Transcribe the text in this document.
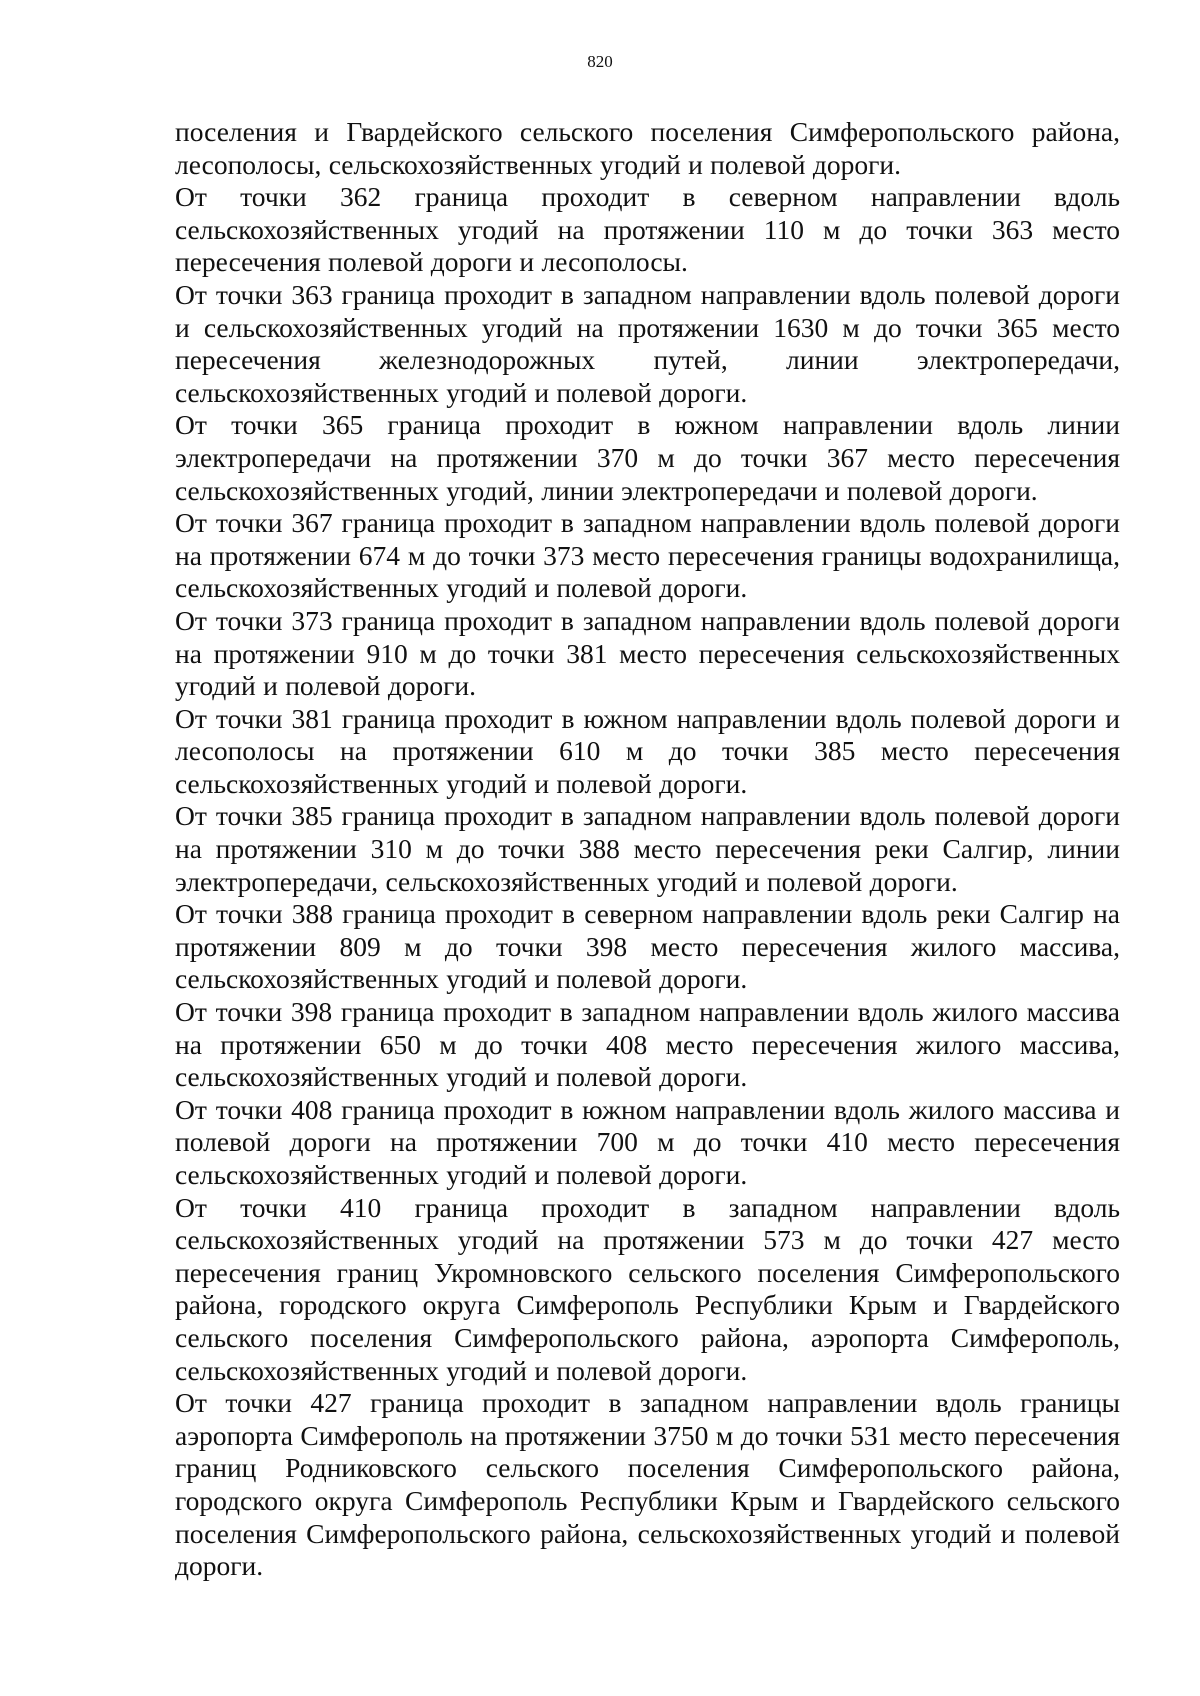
820

поселения и Гвардейского сельского поселения Симферопольского района, лесополосы, сельскохозяйственных угодий и полевой дороги.

От точки 362 граница проходит в северном направлении вдоль сельскохозяйственных угодий на протяжении 110 м до точки 363 место пересечения полевой дороги и лесополосы.

От точки 363 граница проходит в западном направлении вдоль полевой дороги и сельскохозяйственных угодий на протяжении 1630 м до точки 365 место пересечения железнодорожных путей, линии электропередачи, сельскохозяйственных угодий и полевой дороги.

От точки 365 граница проходит в южном направлении вдоль линии электропередачи на протяжении 370 м до точки 367 место пересечения сельскохозяйственных угодий, линии электропередачи и полевой дороги.

От точки 367 граница проходит в западном направлении вдоль полевой дороги на протяжении 674 м до точки 373 место пересечения границы водохранилища, сельскохозяйственных угодий и полевой дороги.

От точки 373 граница проходит в западном направлении вдоль полевой дороги на протяжении 910 м до точки 381 место пересечения сельскохозяйственных угодий и полевой дороги.

От точки 381 граница проходит в южном направлении вдоль полевой дороги и лесополосы на протяжении 610 м до точки 385 место пересечения сельскохозяйственных угодий и полевой дороги.

От точки 385 граница проходит в западном направлении вдоль полевой дороги на протяжении 310 м до точки 388 место пересечения реки Салгир, линии электропередачи, сельскохозяйственных угодий и полевой дороги.

От точки 388 граница проходит в северном направлении вдоль реки Салгир на протяжении 809 м до точки 398 место пересечения жилого массива, сельскохозяйственных угодий и полевой дороги.

От точки 398 граница проходит в западном направлении вдоль жилого массива на протяжении 650 м до точки 408 место пересечения жилого массива, сельскохозяйственных угодий и полевой дороги.

От точки 408 граница проходит в южном направлении вдоль жилого массива и полевой дороги на протяжении 700 м до точки 410 место пересечения сельскохозяйственных угодий и полевой дороги.

От точки 410 граница проходит в западном направлении вдоль сельскохозяйственных угодий на протяжении 573 м до точки 427 место пересечения границ Укромновского сельского поселения Симферопольского района, городского округа Симферополь Республики Крым и Гвардейского сельского поселения Симферопольского района, аэропорта Симферополь, сельскохозяйственных угодий и полевой дороги.

От точки 427 граница проходит в западном направлении вдоль границы аэропорта Симферополь на протяжении 3750 м до точки 531 место пересечения границ Родниковского сельского поселения Симферопольского района, городского округа Симферополь Республики Крым и Гвардейского сельского поселения Симферопольского района, сельскохозяйственных угодий и полевой дороги.
